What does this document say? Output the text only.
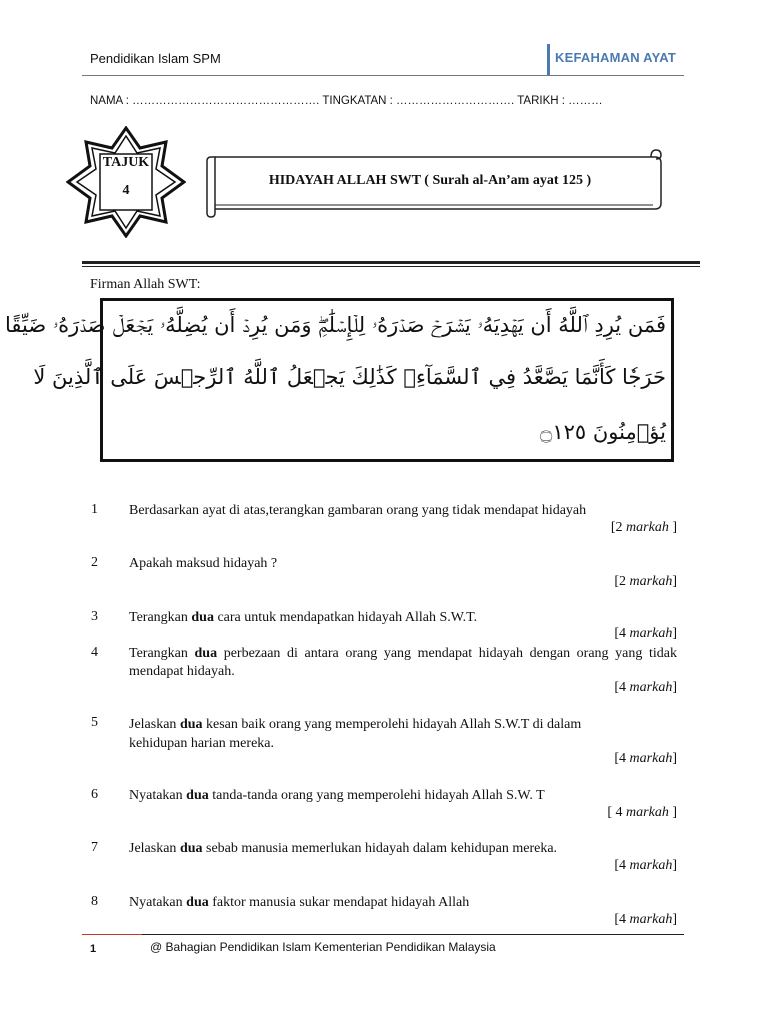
Pendidikan Islam SPM	KEFAHAMAN AYAT
NAMA : …………………………………………. TINGKATAN : …………………………. TARIKH : ………
TAJUK
4
HIDAYAH ALLAH SWT ( Surah al-An’am ayat 125 )
Firman Allah SWT:
فَمَن يُرِدِ ٱللَّهُ أَن يَهۡدِيَهُۥ يَشۡرَحۡ صَدۡرَهُۥ لِلۡإِسۡلَٰمِۖ وَمَن يُرِدۡ أَن يُضِلَّهُۥ يَجۡعَلۡ صَدۡرَهُۥ ضَيِّقًا
حَرَجٗا كَأَنَّمَا يَصَّعَّدُ فِي ٱلسَّمَآءِۚ كَذَٰلِكَ يَجۡعَلُ ٱللَّهُ ٱلرِّجۡسَ عَلَى ٱلَّذِينَ لَا
يُؤۡمِنُونَ ۝١٢٥
1 Berdasarkan ayat di atas,terangkan gambaran orang yang tidak mendapat hidayah
[2 markah ]
2 Apakah maksud hidayah ?
[2 markah]
3 Terangkan dua cara untuk mendapatkan hidayah Allah S.W.T.
[4 markah]
4 Terangkan dua perbezaan di antara orang yang mendapat hidayah dengan orang yang tidak mendapat hidayah.
[4 markah]
5 Jelaskan dua kesan baik orang yang memperolehi hidayah Allah S.W.T di dalam kehidupan harian mereka.
[4 markah]
6 Nyatakan dua tanda-tanda orang yang memperolehi hidayah Allah S.W. T
[ 4 markah ]
7 Jelaskan dua sebab manusia memerlukan hidayah dalam kehidupan mereka.
[4 markah]
8 Nyatakan dua faktor manusia sukar mendapat hidayah Allah
[4 markah]
1	@ Bahagian Pendidikan Islam Kementerian Pendidikan Malaysia
